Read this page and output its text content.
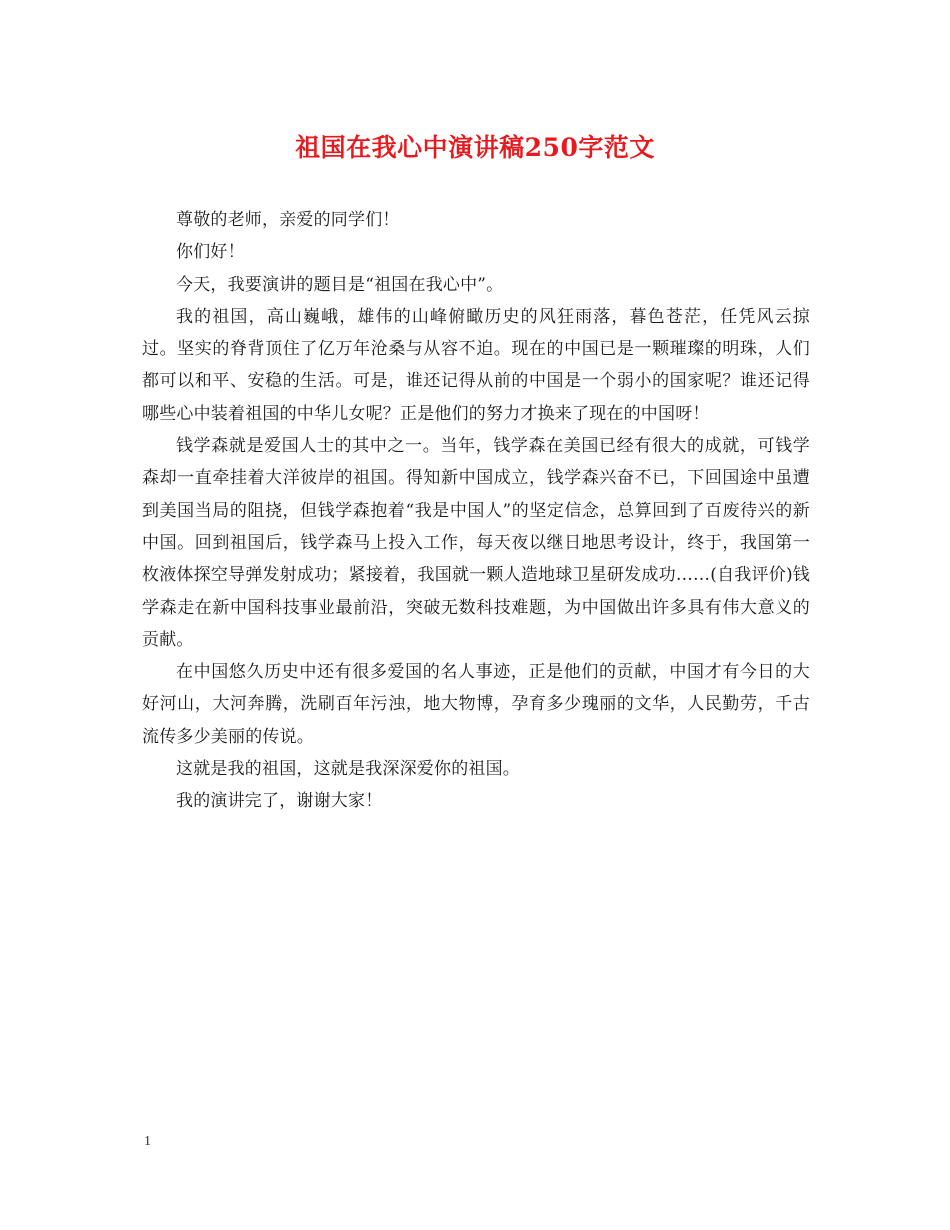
祖国在我心中演讲稿250字范文

尊敬的老师，亲爱的同学们！

你们好！

今天，我要演讲的题目是“祖国在我心中”。

我的祖国，高山巍峨，雄伟的山峰俯瞰历史的风狂雨落，暮色苍茫，任凭风云掠过。坚实的脊背顶住了亿万年沧桑与从容不迫。现在的中国已是一颗璀璨的明珠，人们都可以和平、安稳的生活。可是，谁还记得从前的中国是一个弱小的国家呢？谁还记得哪些心中装着祖国的中华儿女呢？正是他们的努力才换来了现在的中国呀！

钱学森就是爱国人士的其中之一。当年，钱学森在美国已经有很大的成就，可钱学森却一直牵挂着大洋彼岸的祖国。得知新中国成立，钱学森兴奋不已，下回国途中虽遭到美国当局的阻挠，但钱学森抱着“我是中国人”的坚定信念，总算回到了百废待兴的新中国。回到祖国后，钱学森马上投入工作，每天夜以继日地思考设计，终于，我国第一枚液体探空导弹发射成功；紧接着，我国就一颗人造地球卫星研发成功……(自我评价)钱学森走在新中国科技事业最前沿，突破无数科技难题，为中国做出许多具有伟大意义的贡献。

在中国悠久历史中还有很多爱国的名人事迹，正是他们的贡献，中国才有今日的大好河山，大河奔腾，洗刷百年污浊，地大物博，孕育多少瑰丽的文华，人民勤劳，千古流传多少美丽的传说。

这就是我的祖国，这就是我深深爱你的祖国。

我的演讲完了，谢谢大家！

1
